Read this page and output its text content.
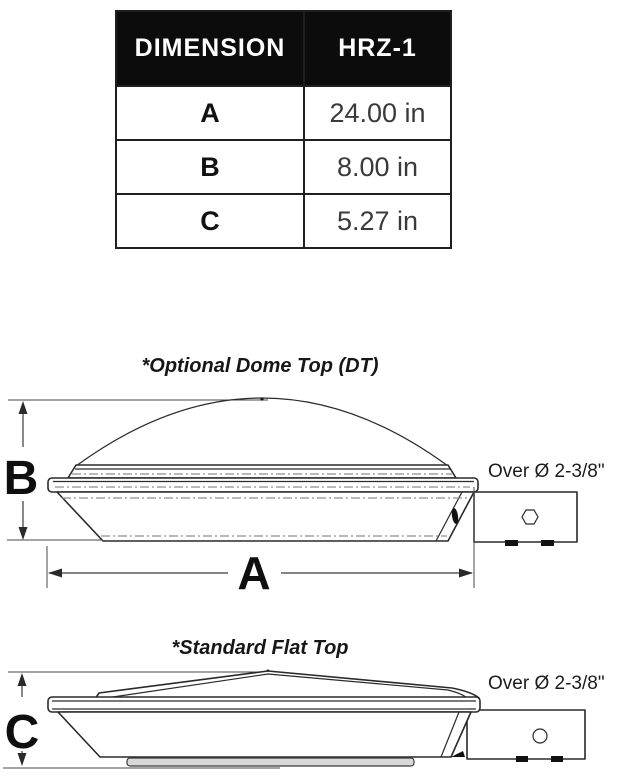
DIMENSION	HRZ-1
A	24.00 in
B	8.00 in
C	5.27 in
*Optional Dome Top (DT)
B
A
Over Ø 2-3/8"
*Standard Flat Top
C
Over Ø 2-3/8"
